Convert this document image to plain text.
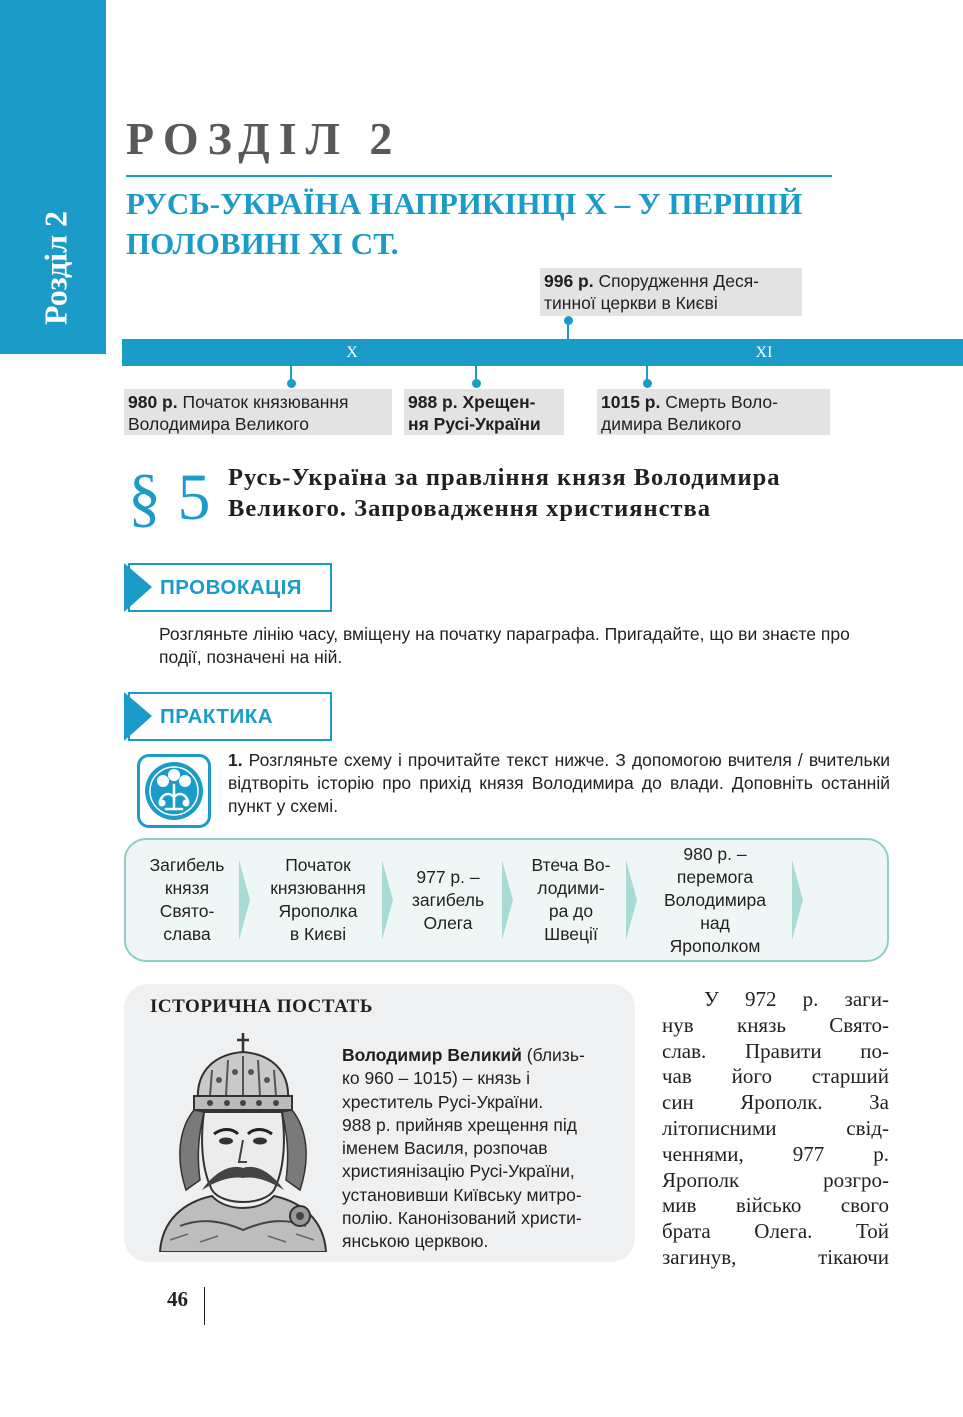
Розділ 2
РОЗДІЛ 2
РУСЬ-УКРАЇНА НАПРИКІНЦІ Х – У ПЕРШІЙ ПОЛОВИНІ ХІ СТ.
996 р. Спорудження Деся-
тинної церкви в Києві
Х	ХІ
980 р. Початок князювання
Володимира Великого
988 р. Хрещен-
ня Русі-України
1015 р. Смерть Воло-
димира Великого
§ 5 Русь-Україна за правління князя Володимира Великого. Запровадження християнства
ПРОВОКАЦІЯ
Розгляньте лінію часу, вміщену на початку параграфа. Пригадайте, що ви знаєте про події, позначені на ній.
ПРАКТИКА
1. Розгляньте схему і прочитайте текст нижче. З допомогою вчителя / вчительки відтворіть історію про прихід князя Володимира до влади. Доповніть останній пункт у схемі.
Загибель
князя
Свято-
слава
Початок
князювання
Ярополка
в Києві
977 р. –
загибель
Олега
Втеча Во-
лодими-
ра до
Швеції
980 р. –
перемога
Володимира
над
Ярополком
ІСТОРИЧНА ПОСТАТЬ
Володимир Великий (близь-
ко 960 – 1015) – князь і
хреститель Русі-України.
988 р. прийняв хрещення під
іменем Василя, розпочав
християнізацію Русі-України,
установивши Київську митро-
полію. Канонізований христи-
янською церквою.
У 972 р. заги-
нув князь Свято-
слав. Правити по-
чав його старший
син Ярополк. За
літописними свід-
ченнями, 977 р.
Ярополк розгро-
мив військо свого
брата Олега. Той
загинув, тікаючи
46
